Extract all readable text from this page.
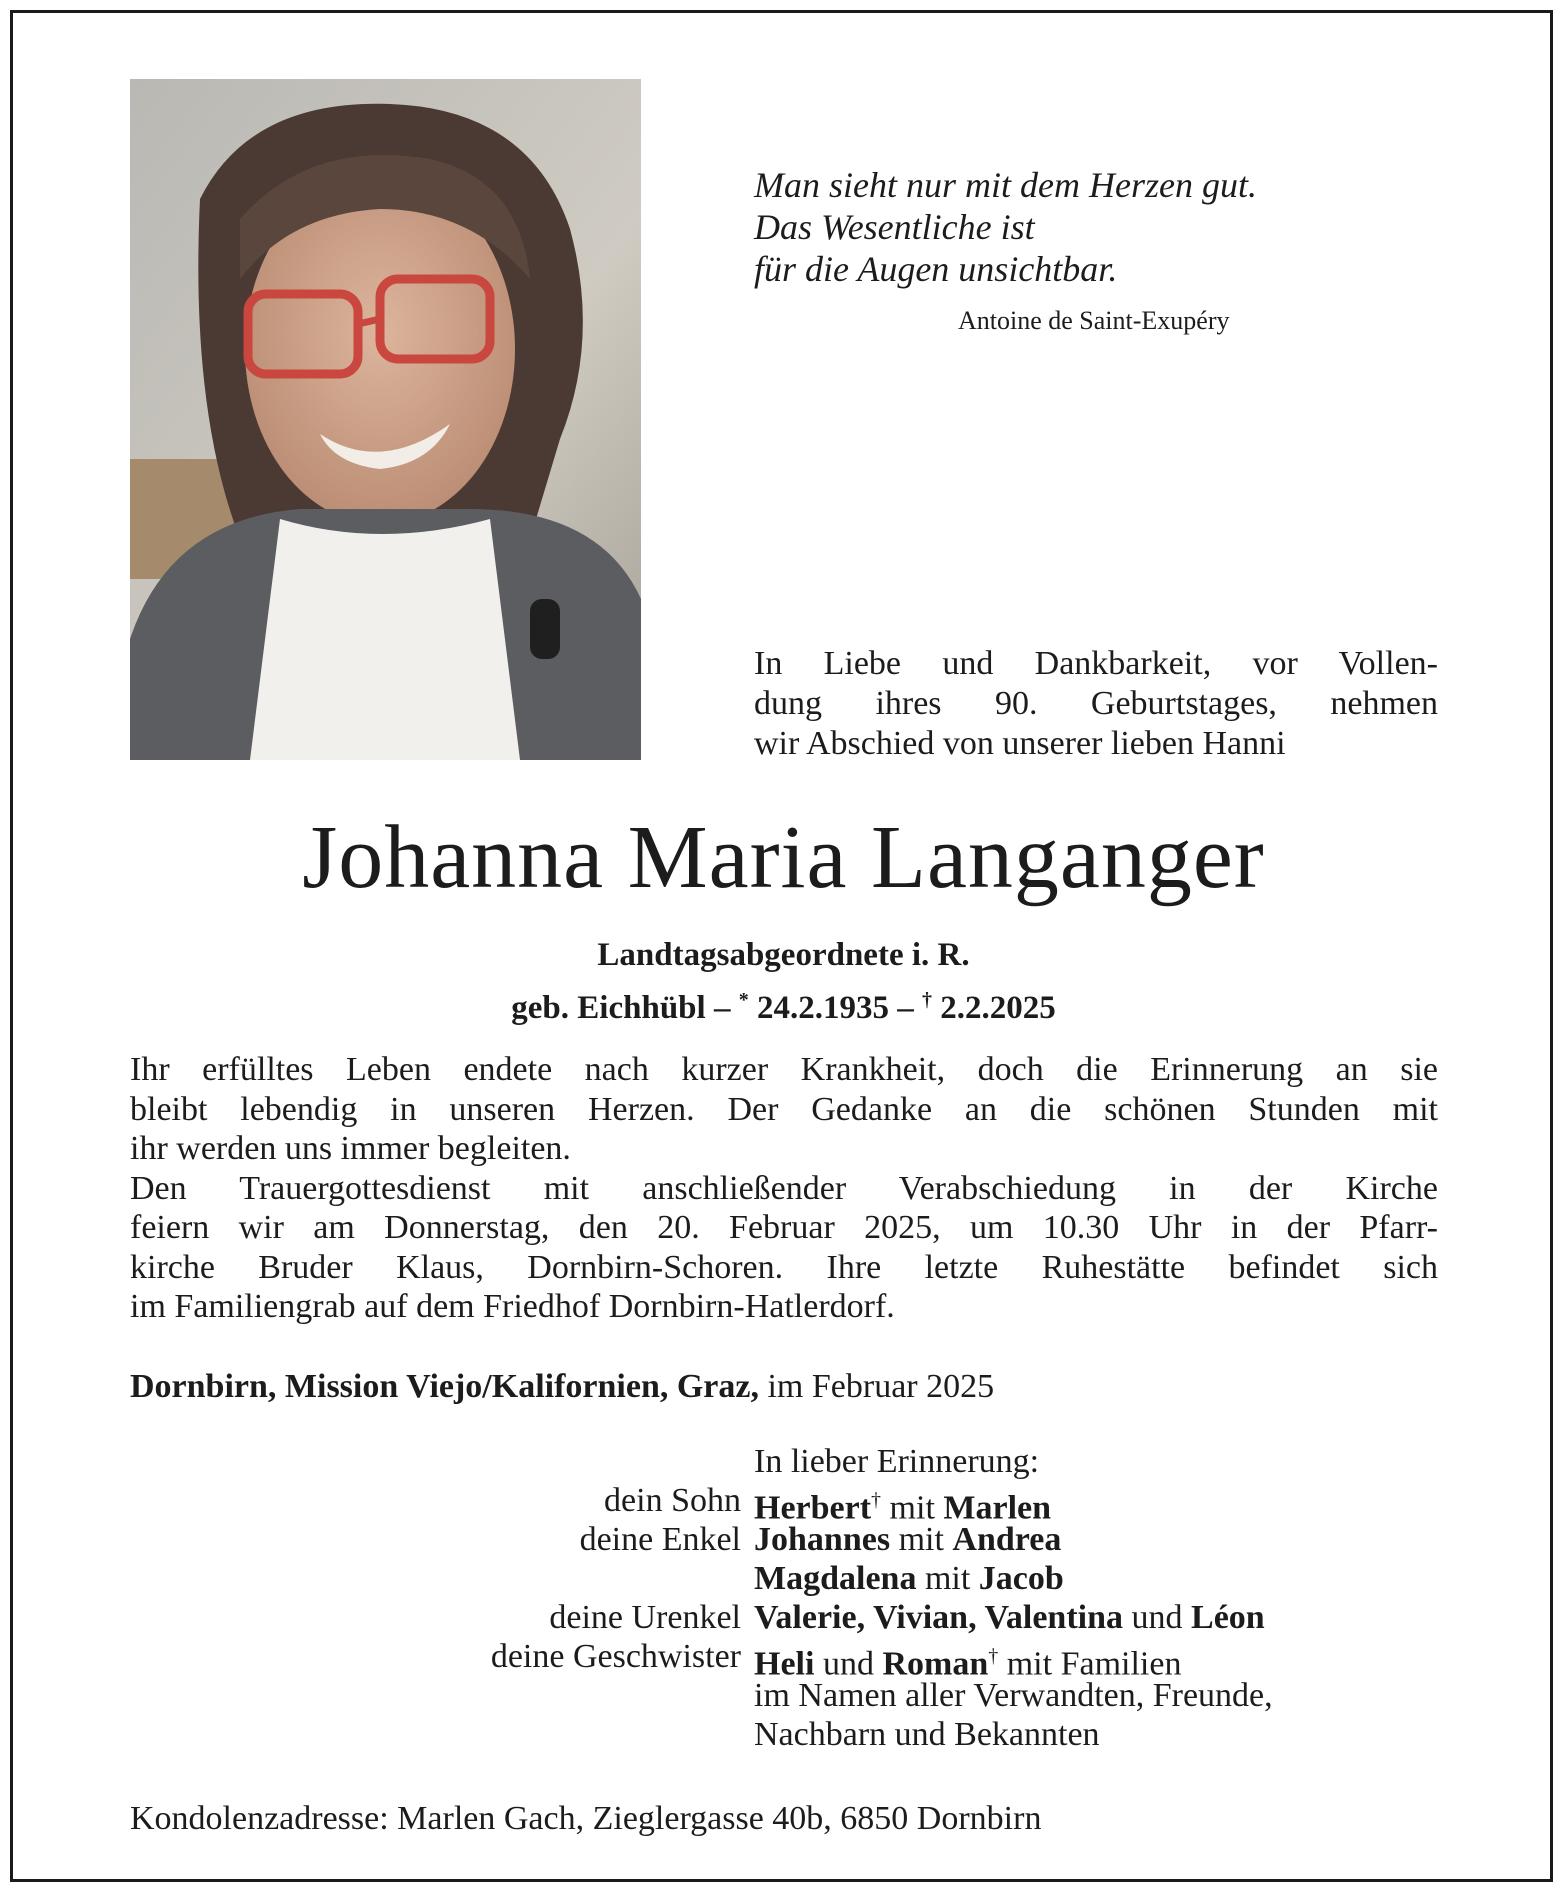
Man sieht nur mit dem Herzen gut.
Das Wesentliche ist
für die Augen unsichtbar.
Antoine de Saint-Exupéry
In Liebe und Dankbarkeit, vor Vollen-
dung ihres 90. Geburtstages, nehmen
wir Abschied von unserer lieben Hanni
Johanna Maria Langanger
Landtagsabgeordnete i. R.
geb. Eichhübl – * 24.2.1935 – † 2.2.2025
Ihr erfülltes Leben endete nach kurzer Krankheit, doch die Erinnerung an sie
bleibt lebendig in unseren Herzen. Der Gedanke an die schönen Stunden mit
ihr werden uns immer begleiten.
Den Trauergottesdienst mit anschließender Verabschiedung in der Kirche
feiern wir am Donnerstag, den 20. Februar 2025, um 10.30 Uhr in der Pfarr-
kirche Bruder Klaus, Dornbirn-Schoren. Ihre letzte Ruhestätte befindet sich
im Familiengrab auf dem Friedhof Dornbirn-Hatlerdorf.
Dornbirn, Mission Viejo/Kalifornien, Graz, im Februar 2025
In lieber Erinnerung:
dein Sohn Herbert† mit Marlen
deine Enkel Johannes mit Andrea
Magdalena mit Jacob
deine Urenkel Valerie, Vivian, Valentina und Léon
deine Geschwister Heli und Roman† mit Familien
im Namen aller Verwandten, Freunde,
Nachbarn und Bekannten
Kondolenzadresse: Marlen Gach, Zieglergasse 40b, 6850 Dornbirn
